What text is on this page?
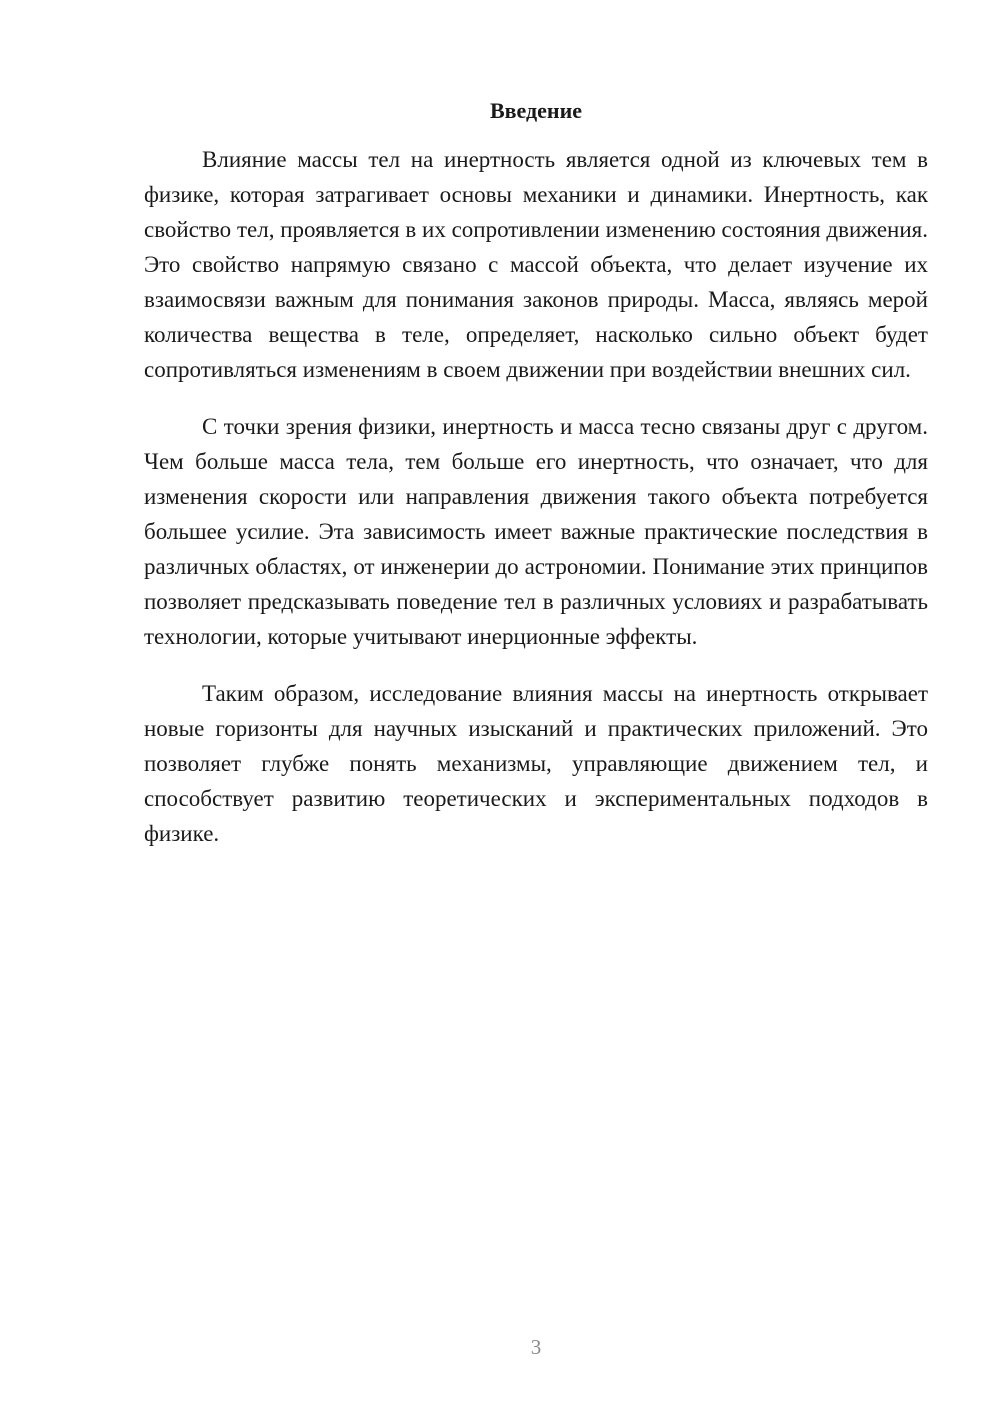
Введение

Влияние массы тел на инертность является одной из ключевых тем в физике, которая затрагивает основы механики и динамики. Инертность, как свойство тел, проявляется в их сопротивлении изменению состояния движения. Это свойство напрямую связано с массой объекта, что делает изучение их взаимосвязи важным для понимания законов природы. Масса, являясь мерой количества вещества в теле, определяет, насколько сильно объект будет сопротивляться изменениям в своем движении при воздействии внешних сил.

С точки зрения физики, инертность и масса тесно связаны друг с другом. Чем больше масса тела, тем больше его инертность, что означает, что для изменения скорости или направления движения такого объекта потребуется большее усилие. Эта зависимость имеет важные практические последствия в различных областях, от инженерии до астрономии. Понимание этих принципов позволяет предсказывать поведение тел в различных условиях и разрабатывать технологии, которые учитывают инерционные эффекты.

Таким образом, исследование влияния массы на инертность открывает новые горизонты для научных изысканий и практических приложений. Это позволяет глубже понять механизмы, управляющие движением тел, и способствует развитию теоретических и экспериментальных подходов в физике.

3
